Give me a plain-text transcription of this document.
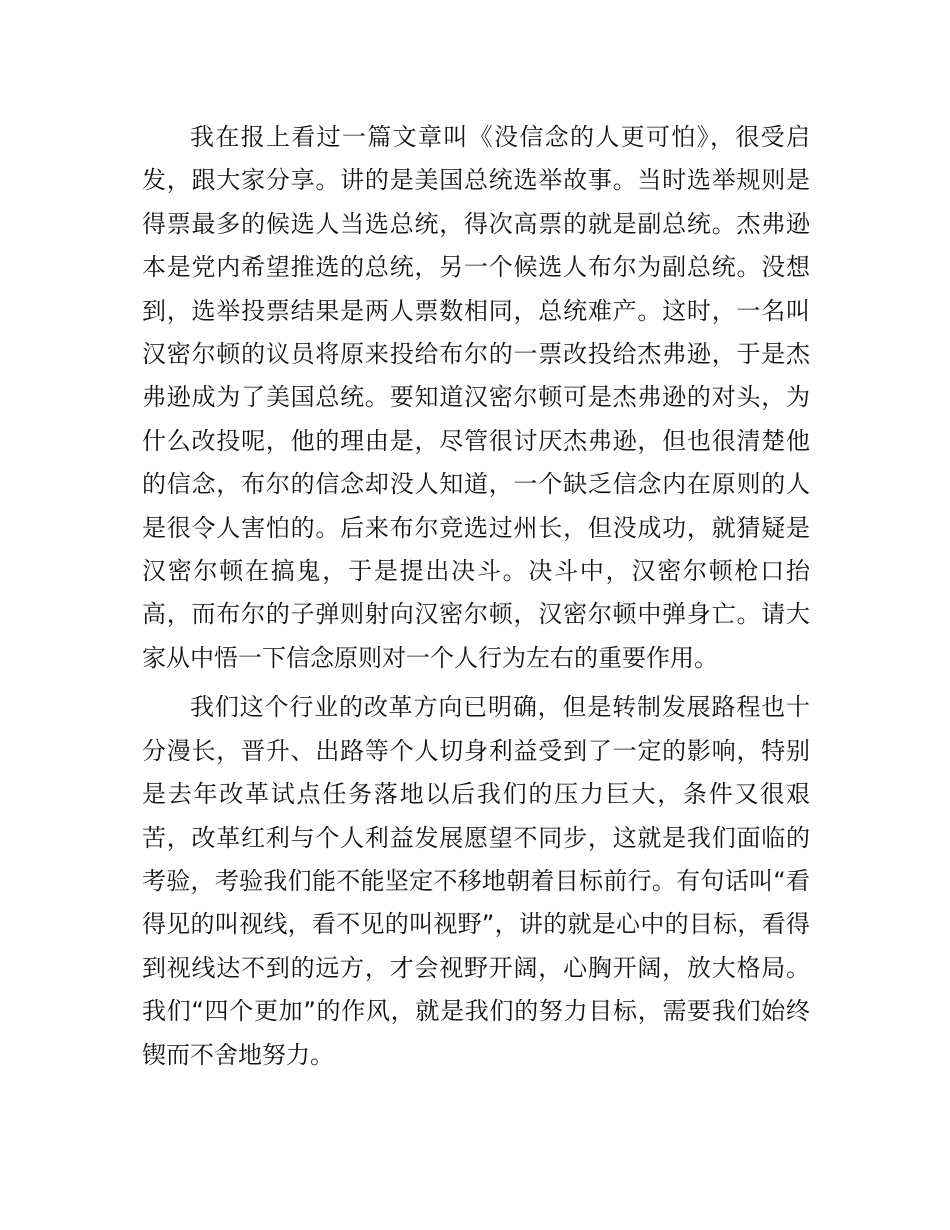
我在报上看过一篇文章叫《没信念的人更可怕》，很受启发，跟大家分享。讲的是美国总统选举故事。当时选举规则是得票最多的候选人当选总统，得次高票的就是副总统。杰弗逊本是党内希望推选的总统，另一个候选人布尔为副总统。没想到，选举投票结果是两人票数相同，总统难产。这时，一名叫汉密尔顿的议员将原来投给布尔的一票改投给杰弗逊，于是杰弗逊成为了美国总统。要知道汉密尔顿可是杰弗逊的对头，为什么改投呢，他的理由是，尽管很讨厌杰弗逊，但也很清楚他的信念，布尔的信念却没人知道，一个缺乏信念内在原则的人是很令人害怕的。后来布尔竞选过州长，但没成功，就猜疑是汉密尔顿在搞鬼，于是提出决斗。决斗中，汉密尔顿枪口抬高，而布尔的子弹则射向汉密尔顿，汉密尔顿中弹身亡。请大家从中悟一下信念原则对一个人行为左右的重要作用。

我们这个行业的改革方向已明确，但是转制发展路程也十分漫长，晋升、出路等个人切身利益受到了一定的影响，特别是去年改革试点任务落地以后我们的压力巨大，条件又很艰苦，改革红利与个人利益发展愿望不同步，这就是我们面临的考验，考验我们能不能坚定不移地朝着目标前行。有句话叫“看得见的叫视线，看不见的叫视野”，讲的就是心中的目标，看得到视线达不到的远方，才会视野开阔，心胸开阔，放大格局。我们“四个更加”的作风，就是我们的努力目标，需要我们始终锲而不舍地努力。
